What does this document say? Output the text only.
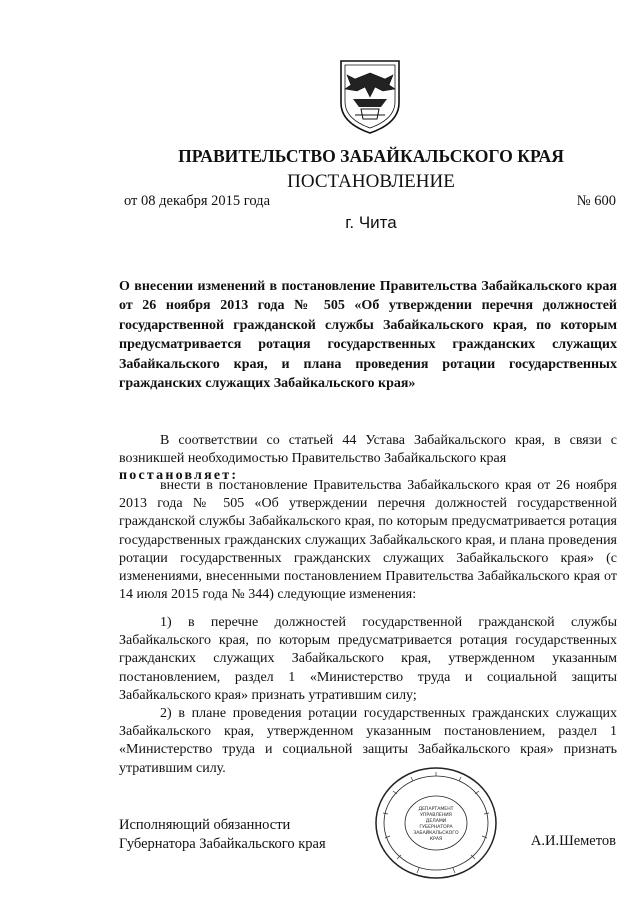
ПРАВИТЕЛЬСТВО ЗАБАЙКАЛЬСКОГО КРАЯ
ПОСТАНОВЛЕНИЕ
от 08 декабря 2015 года	№ 600
г. Чита

О внесении изменений в постановление Правительства Забайкальского края от 26 ноября 2013 года № 505 «Об утверждении перечня должностей государственной гражданской службы Забайкальского края, по которым предусматривается ротация государственных гражданских служащих Забайкальского края, и плана проведения ротации государственных гражданских служащих Забайкальского края»

В соответствии со статьей 44 Устава Забайкальского края, в связи с возникшей необходимостью Правительство Забайкальского края

постановляет:

внести в постановление Правительства Забайкальского края от 26 ноября 2013 года № 505 «Об утверждении перечня должностей государственной гражданской службы Забайкальского края, по которым предусматривается ротация государственных гражданских служащих Забайкальского края, и плана проведения ротации государственных гражданских служащих Забайкальского края» (с изменениями, внесенными постановлением Правительства Забайкальского края от 14 июля 2015 года № 344) следующие изменения:

1) в перечне должностей государственной гражданской службы Забайкальского края, по которым предусматривается ротация государственных гражданских служащих Забайкальского края, утвержденном указанным постановлением, раздел 1 «Министерство труда и социальной защиты Забайкальского края» признать утратившим силу;

2) в плане проведения ротации государственных гражданских служащих Забайкальского края, утвержденном указанным постановлением, раздел 1 «Министерство труда и социальной защиты Забайкальского края» признать утратившим силу.

Исполняющий обязанности
Губернатора Забайкальского края	А.И.Шеметов
ДЕПАРТАМЕНТ
УПРАВЛЕНИЯ
ДЕЛАМИ
ГУБЕРНАТОРА
ЗАБАЙКАЛЬСКОГО
КРАЯ
